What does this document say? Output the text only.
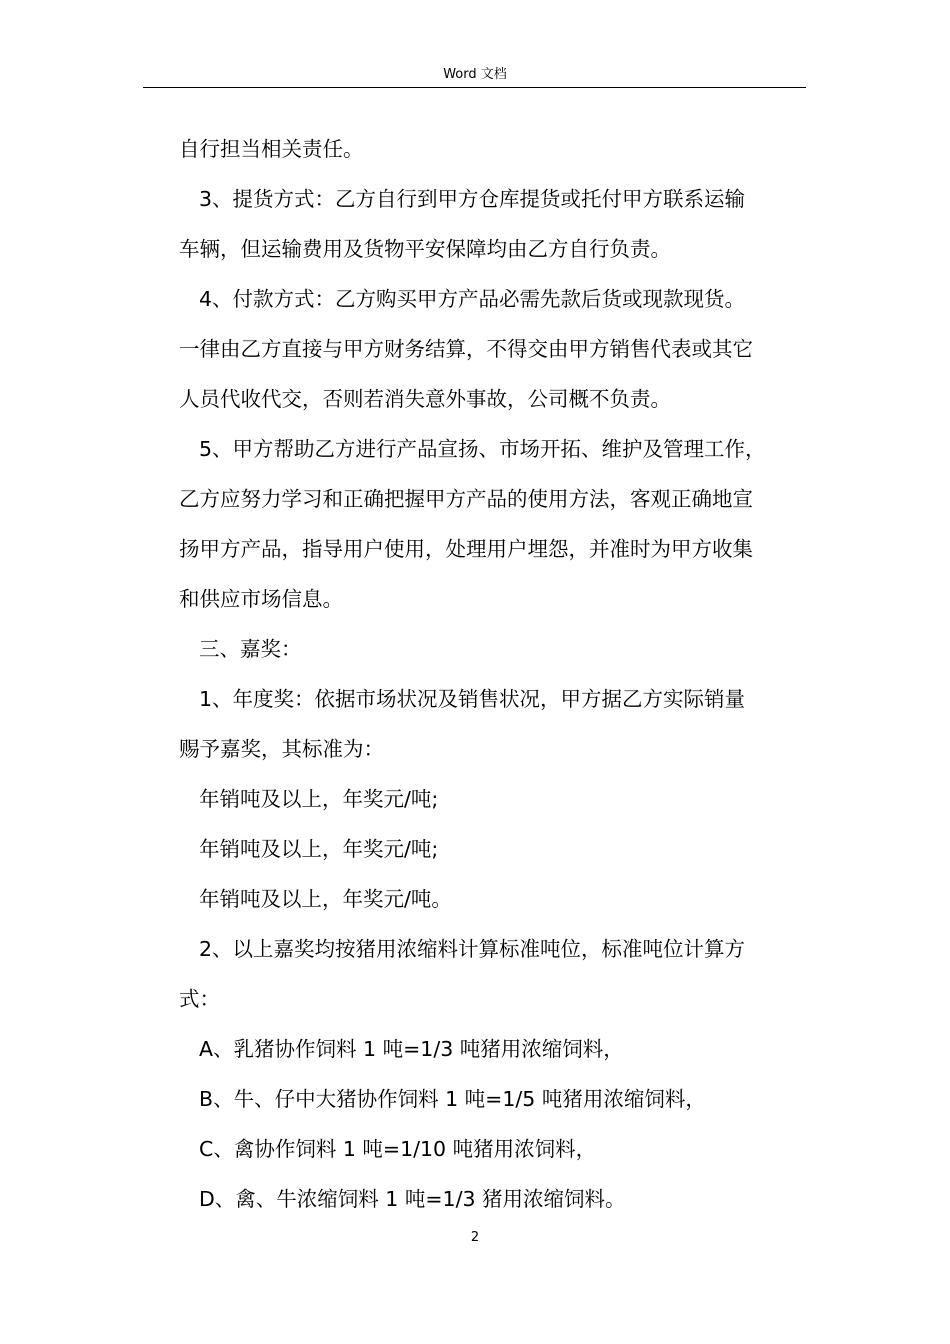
Word 文档
自行担当相关责任。
3、提货方式：乙方自行到甲方仓库提货或托付甲方联系运输
车辆，但运输费用及货物平安保障均由乙方自行负责。
4、付款方式：乙方购买甲方产品必需先款后货或现款现货。
一律由乙方直接与甲方财务结算，不得交由甲方销售代表或其它
人员代收代交，否则若消失意外事故，公司概不负责。
5、甲方帮助乙方进行产品宣扬、市场开拓、维护及管理工作，
乙方应努力学习和正确把握甲方产品的使用方法，客观正确地宣
扬甲方产品，指导用户使用，处理用户埋怨，并准时为甲方收集
和供应市场信息。
三、嘉奖：
1、年度奖：依据市场状况及销售状况，甲方据乙方实际销量
赐予嘉奖，其标准为：
年销吨及以上，年奖元/吨;
年销吨及以上，年奖元/吨;
年销吨及以上，年奖元/吨。
2、以上嘉奖均按猪用浓缩料计算标准吨位，标准吨位计算方
式：
A、乳猪协作饲料 1 吨=1/3 吨猪用浓缩饲料，
B、牛、仔中大猪协作饲料 1 吨=1/5 吨猪用浓缩饲料，
C、禽协作饲料 1 吨=1/10 吨猪用浓饲料，
D、禽、牛浓缩饲料 1 吨=1/3 猪用浓缩饲料。
2
